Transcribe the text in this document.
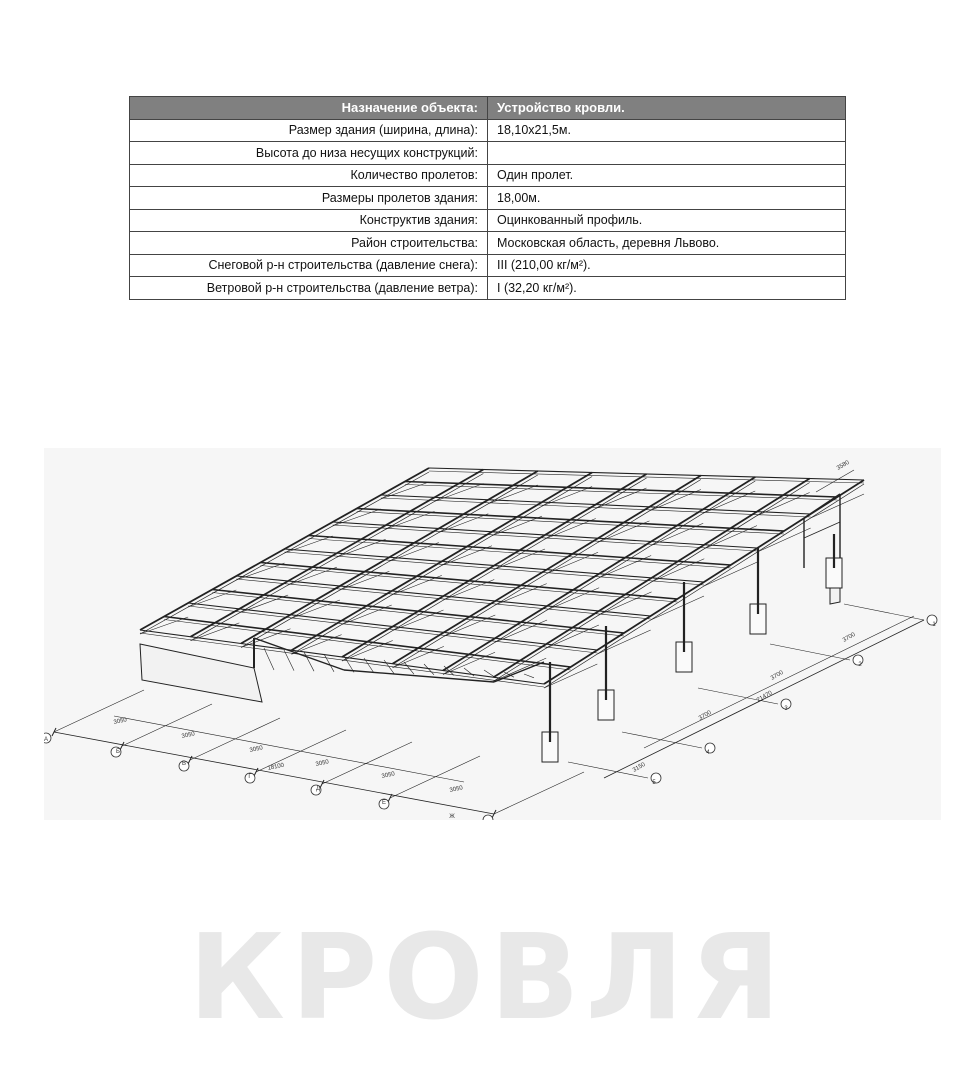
Назначение объекта:	Устройство кровли.
Размер здания (ширина, длина):	18,10х21,5м.
Высота до низа несущих конструкций:	
Количество пролетов:	Один пролет.
Размеры пролетов здания:	18,00м.
Конструктив здания:	Оцинкованный профиль.
Район строительства:	Московская область, деревня Львово.
Снеговой р-н строительства (давление снега):	III (210,00 кг/м²).
Ветровой р-н строительства (давление ветра):	I (32,20 кг/м²).
3050
3050
3050
3050
3050
3050
18100	3150
3700
3700
3700
21470
3580
А
Б
В
Г
Д
Е
Ж
1
2
3
4
5
КРОВЛЯ
